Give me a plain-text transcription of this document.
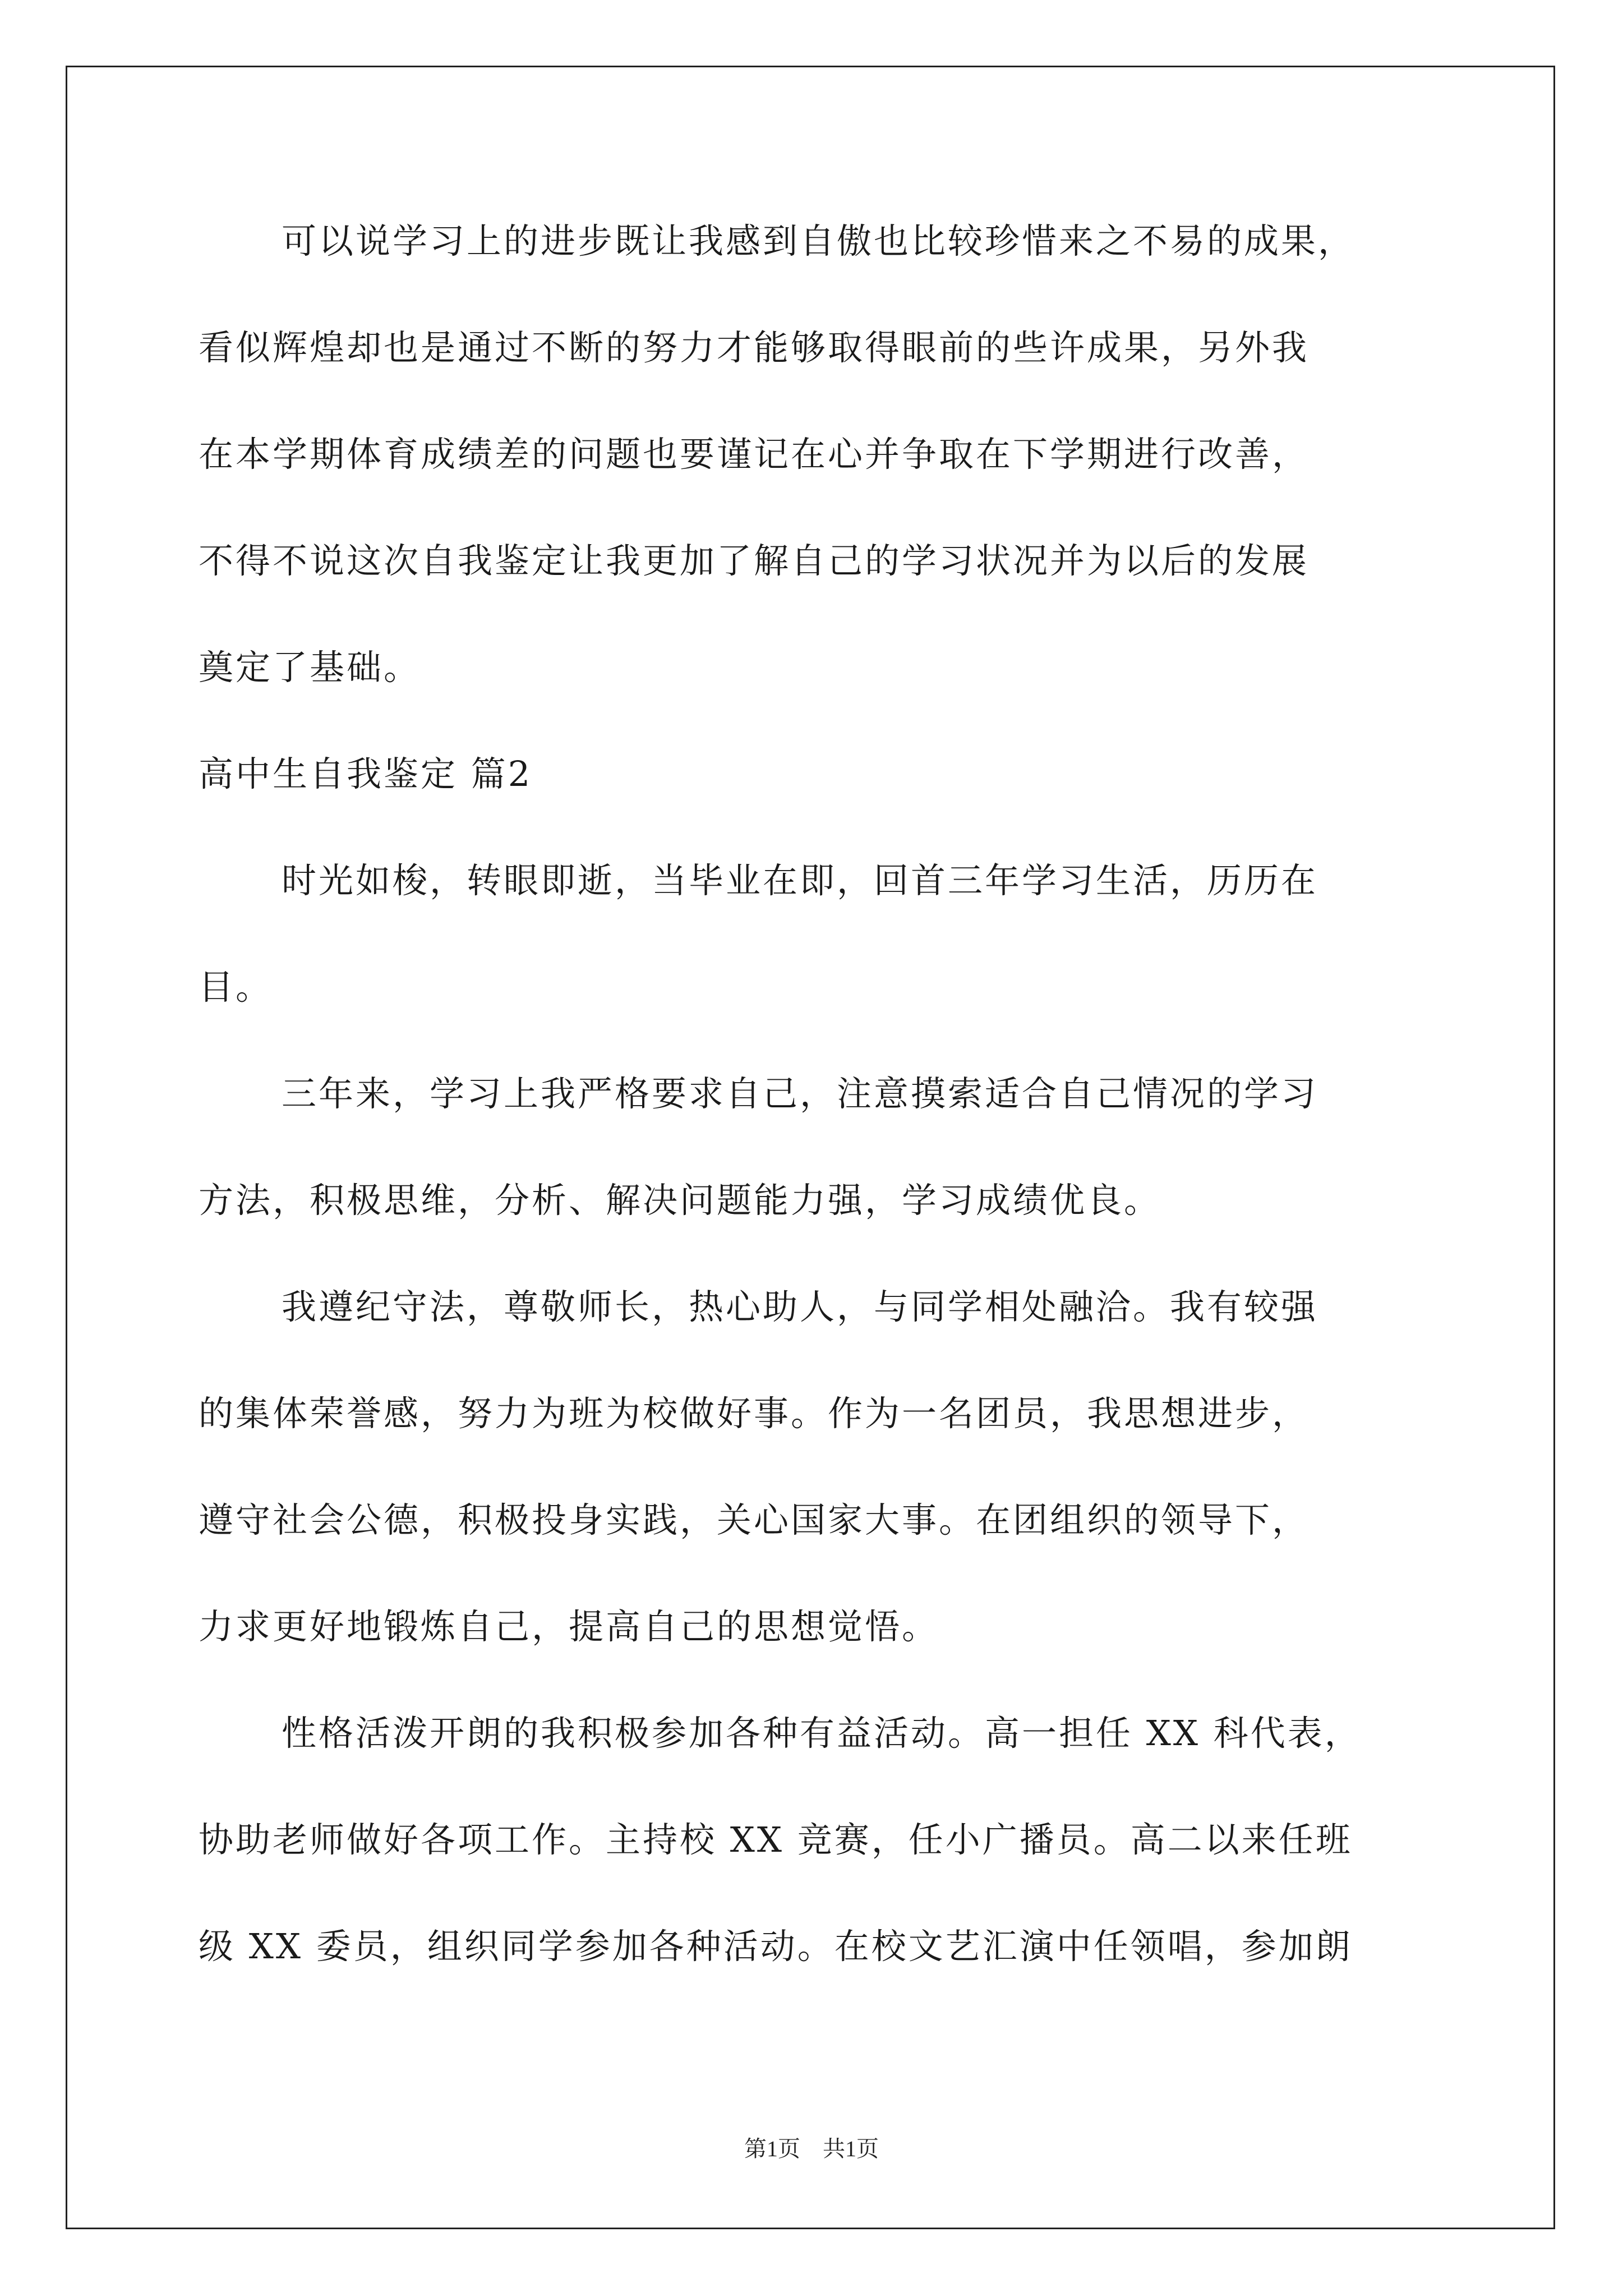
可以说学习上的进步既让我感到自傲也比较珍惜来之不易的成果，
看似辉煌却也是通过不断的努力才能够取得眼前的些许成果，另外我
在本学期体育成绩差的问题也要谨记在心并争取在下学期进行改善，
不得不说这次自我鉴定让我更加了解自己的学习状况并为以后的发展
奠定了基础。
高中生自我鉴定 篇2
时光如梭，转眼即逝，当毕业在即，回首三年学习生活，历历在
目。
三年来，学习上我严格要求自己，注意摸索适合自己情况的学习
方法，积极思维，分析、解决问题能力强，学习成绩优良。
我遵纪守法，尊敬师长，热心助人，与同学相处融洽。我有较强
的集体荣誉感，努力为班为校做好事。作为一名团员，我思想进步，
遵守社会公德，积极投身实践，关心国家大事。在团组织的领导下，
力求更好地锻炼自己，提高自己的思想觉悟。
性格活泼开朗的我积极参加各种有益活动。高一担任 XX 科代表，
协助老师做好各项工作。主持校 XX 竞赛，任小广播员。高二以来任班
级 XX 委员，组织同学参加各种活动。在校文艺汇演中任领唱，参加朗
第1页 共1页
